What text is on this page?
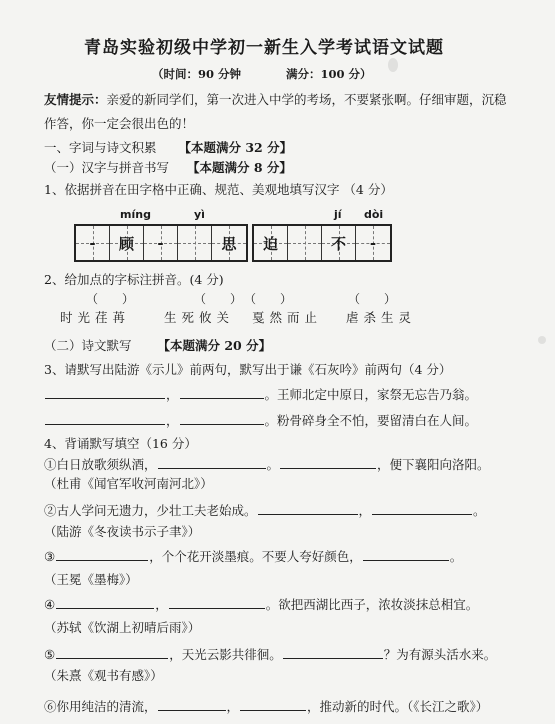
青岛实验初级中学初一新生入学考试语文试题
（时间：90 分钟	满分：100 分）
友情提示：亲爱的新同学们，第一次进入中学的考场，不要紧张啊。仔细审题，沉稳
作答，你一定会很出色的！
一、字词与诗文积累 【本题满分 32 分】
（一）汉字与拼音书写 【本题满分 8 分】
1、依据拼音在田字格中正确、规范、美观地填写汉字 （4 分）
míng	yì	jí dòi
- 顾 -	思 迫	不 -
2、给加点的字标注拼音。(4 分)
（　　）	（　　） （　　）	（　　）
时光荏苒	生死攸关 戛然而止 虐杀生灵
（二）诗文默写 【本题满分 20 分】
3、请默写出陆游《示儿》前两句，默写出于谦《石灰吟》前两句（4 分）
，	。王师北定中原日，家祭无忘告乃翁。
，	。粉骨碎身全不怕，要留清白在人间。
4、背诵默写填空（16 分）
①白日放歌须纵酒，	。	，便下襄阳向洛阳。
（杜甫《闻官军收河南河北》）
②古人学问无遗力，少壮工夫老始成。	，	。
（陆游《冬夜读书示子聿》）
③	，个个花开淡墨痕。不要人夸好颜色，	。
（王冕《墨梅》）
④	，	。欲把西湖比西子，浓妆淡抹总相宜。
（苏轼《饮湖上初晴后雨》）
⑤	，天光云影共徘徊。	？为有源头活水来。
（朱熹《观书有感》）
⑥你用纯洁的清流，	，	，推动新的时代。（《长江之歌》）
